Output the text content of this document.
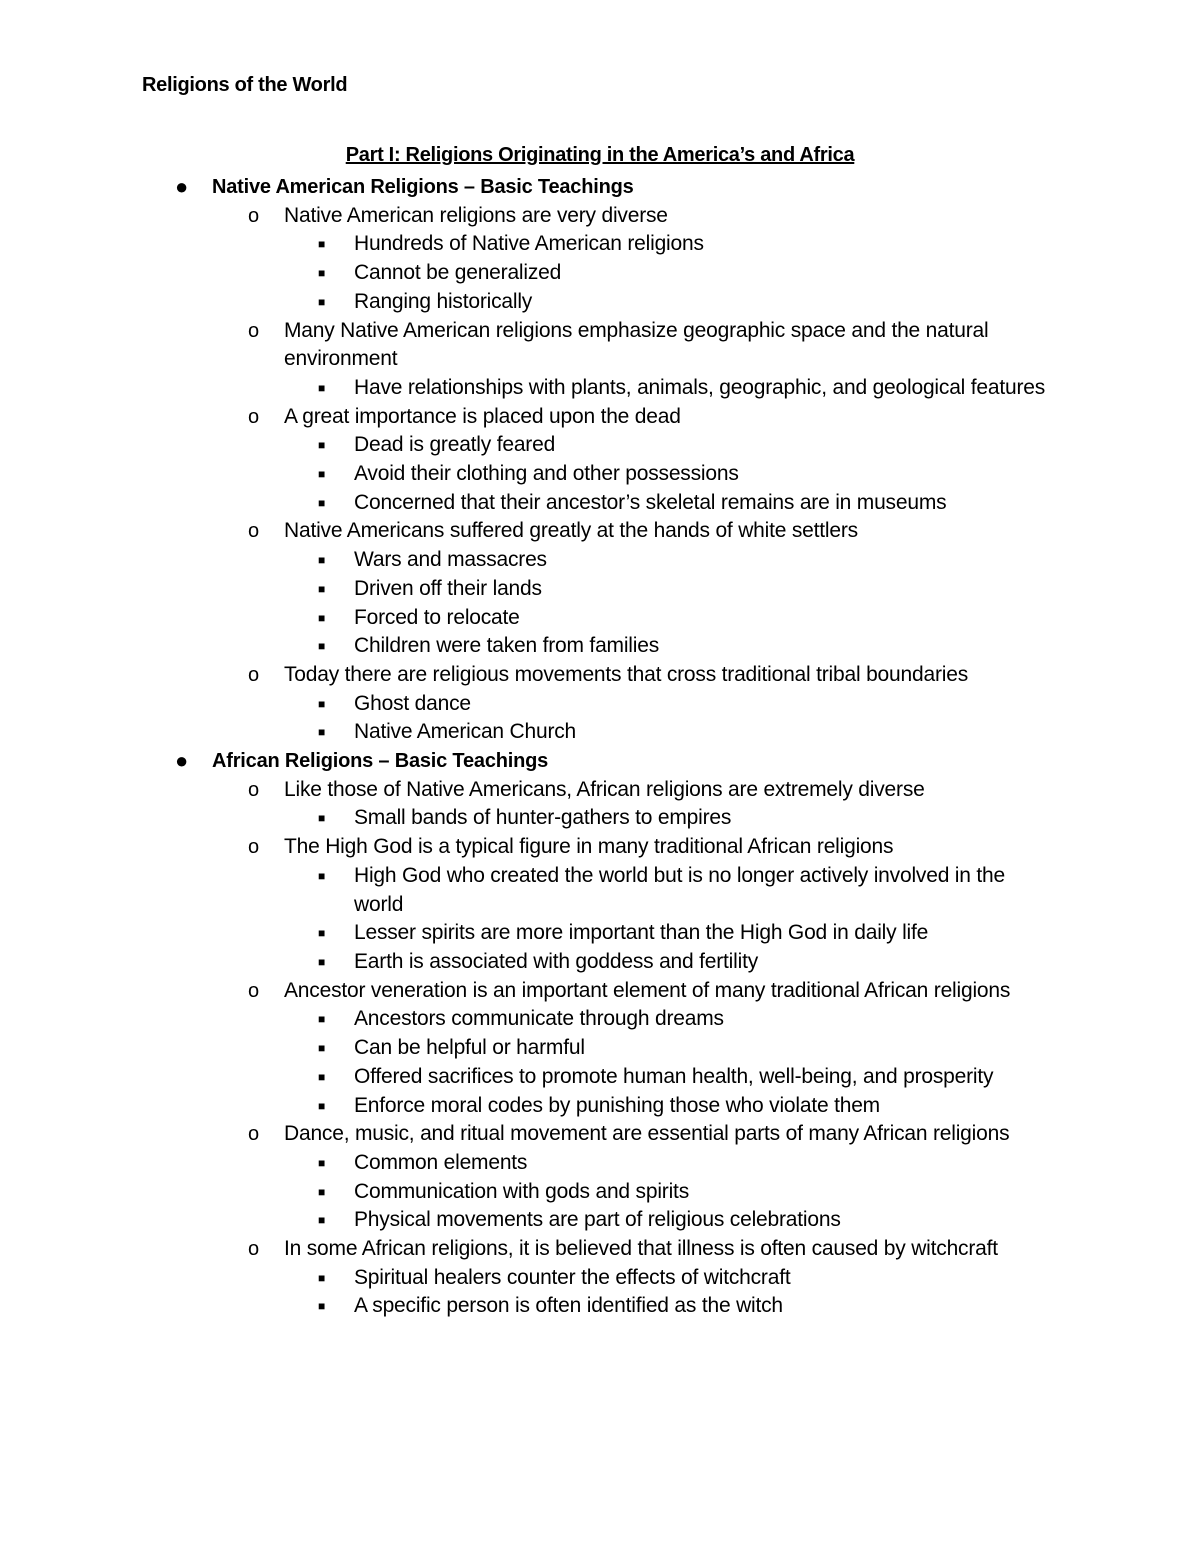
Religions of the World
Part I: Religions Originating in the America’s and Africa
● Native American Religions – Basic Teachings
o Native American religions are very diverse
■ Hundreds of Native American religions
■ Cannot be generalized
■ Ranging historically
o Many Native American religions emphasize geographic space and the natural environment
■ Have relationships with plants, animals, geographic, and geological features
o A great importance is placed upon the dead
■ Dead is greatly feared
■ Avoid their clothing and other possessions
■ Concerned that their ancestor’s skeletal remains are in museums
o Native Americans suffered greatly at the hands of white settlers
■ Wars and massacres
■ Driven off their lands
■ Forced to relocate
■ Children were taken from families
o Today there are religious movements that cross traditional tribal boundaries
■ Ghost dance
■ Native American Church
● African Religions – Basic Teachings
o Like those of Native Americans, African religions are extremely diverse
■ Small bands of hunter-gathers to empires
o The High God is a typical figure in many traditional African religions
■ High God who created the world but is no longer actively involved in the world
■ Lesser spirits are more important than the High God in daily life
■ Earth is associated with goddess and fertility
o Ancestor veneration is an important element of many traditional African religions
■ Ancestors communicate through dreams
■ Can be helpful or harmful
■ Offered sacrifices to promote human health, well-being, and prosperity
■ Enforce moral codes by punishing those who violate them
o Dance, music, and ritual movement are essential parts of many African religions
■ Common elements
■ Communication with gods and spirits
■ Physical movements are part of religious celebrations
o In some African religions, it is believed that illness is often caused by witchcraft
■ Spiritual healers counter the effects of witchcraft
■ A specific person is often identified as the witch
